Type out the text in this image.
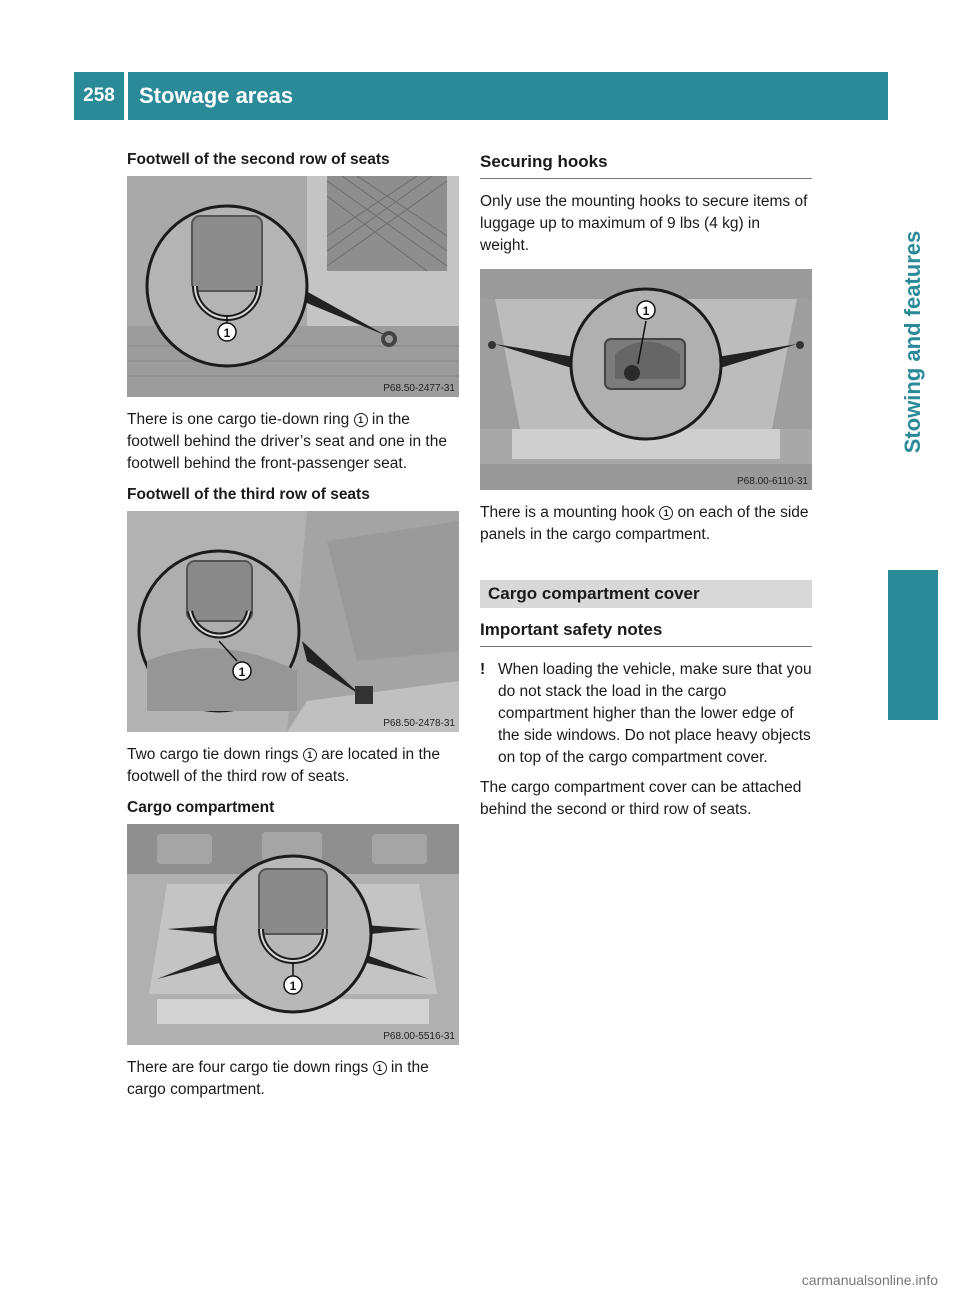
258	Stowage areas
Stowing and features
Footwell of the second row of seats
1
P68.50-2477-31
There is one cargo tie-down ring 1 in the footwell behind the driver’s seat and one in the footwell behind the front-passenger seat.
Footwell of the third row of seats
1
P68.50-2478-31
Two cargo tie down rings 1 are located in the footwell of the third row of seats.
Cargo compartment
1
P68.00-5516-31
There are four cargo tie down rings 1 in the cargo compartment.
Securing hooks
Only use the mounting hooks to secure items of luggage up to maximum of 9 lbs (4 kg) in weight.
1
P68.00-6110-31
There is a mounting hook 1 on each of the side panels in the cargo compartment.
Cargo compartment cover
Important safety notes
! When loading the vehicle, make sure that you do not stack the load in the cargo compartment higher than the lower edge of the side windows. Do not place heavy objects on top of the cargo compartment cover.
The cargo compartment cover can be attached behind the second or third row of seats.
carmanualsonline.info
